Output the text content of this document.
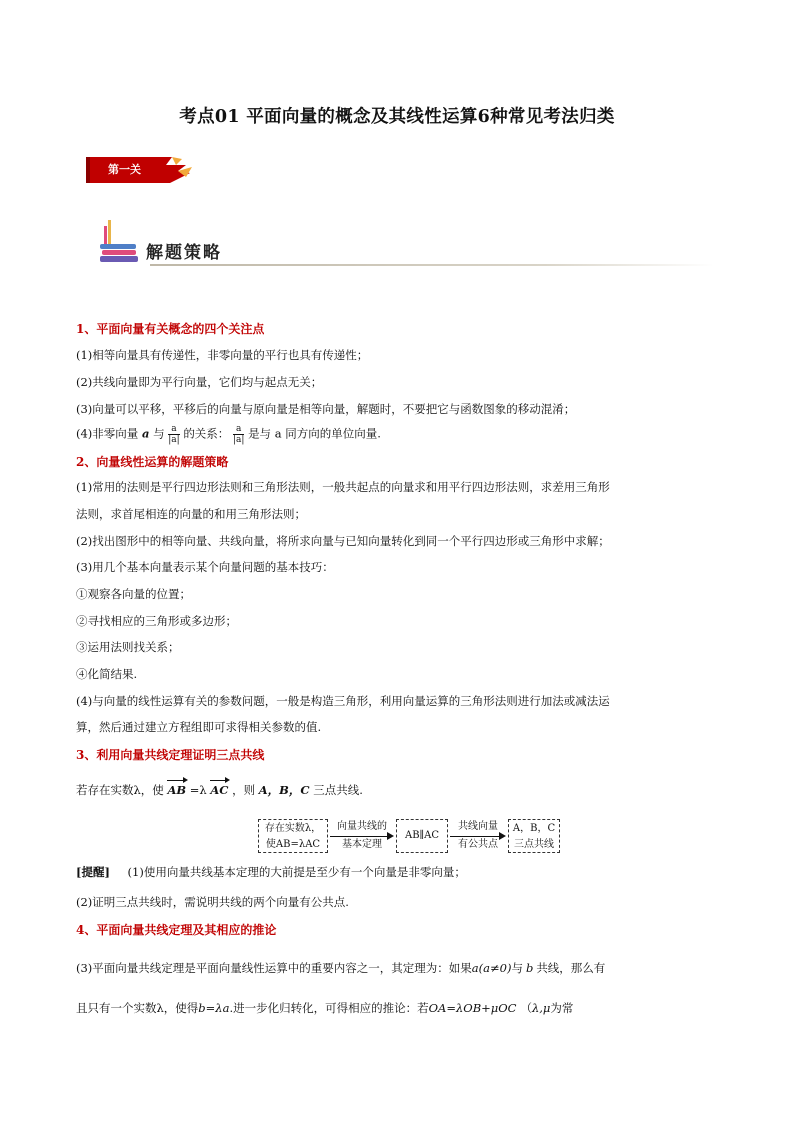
考点01 平面向量的概念及其线性运算6种常见考法归类
第一关
解题策略
1、平面向量有关概念的四个关注点
(1)相等向量具有传递性，非零向量的平行也具有传递性；
(2)共线向量即为平行向量，它们均与起点无关；
(3)向量可以平移，平移后的向量与原向量是相等向量，解题时，不要把它与函数图象的移动混淆；
(4)非零向量 a 与 $\frac{a}{|a|}$ 的关系： $\frac{a}{|a|}$ 是与 a 同方向的单位向量.
2、向量线性运算的解题策略
(1)常用的法则是平行四边形法则和三角形法则，一般共起点的向量求和用平行四边形法则，求差用三角形
法则，求首尾相连的向量的和用三角形法则；
(2)找出图形中的相等向量、共线向量，将所求向量与已知向量转化到同一个平行四边形或三角形中求解；
(3)用几个基本向量表示某个向量问题的基本技巧：
①观察各向量的位置；
②寻找相应的三角形或多边形；
③运用法则找关系；
④化简结果.
(4)与向量的线性运算有关的参数问题，一般是构造三角形，利用向量运算的三角形法则进行加法或减法运
算，然后通过建立方程组即可求得相关参数的值.
3、利用向量共线定理证明三点共线
若存在实数λ，使 AB =λ AC ，则 A，B，C 三点共线.
存在实数λ，
使AB=λAC
向量共线的
基本定理
AB∥AC
共线向量
有公共点
A，B，C
三点共线
[提醒] (1)使用向量共线基本定理的大前提是至少有一个向量是非零向量；
(2)证明三点共线时，需说明共线的两个向量有公共点.
4、平面向量共线定理及其相应的推论
(3)平面向量共线定理是平面向量线性运算中的重要内容之一，其定理为：如果a(a≠0)与 b 共线，那么有
且只有一个实数λ，使得b=λa.进一步化归转化，可得相应的推论：若OA=λOB+μOC （λ,μ为常
